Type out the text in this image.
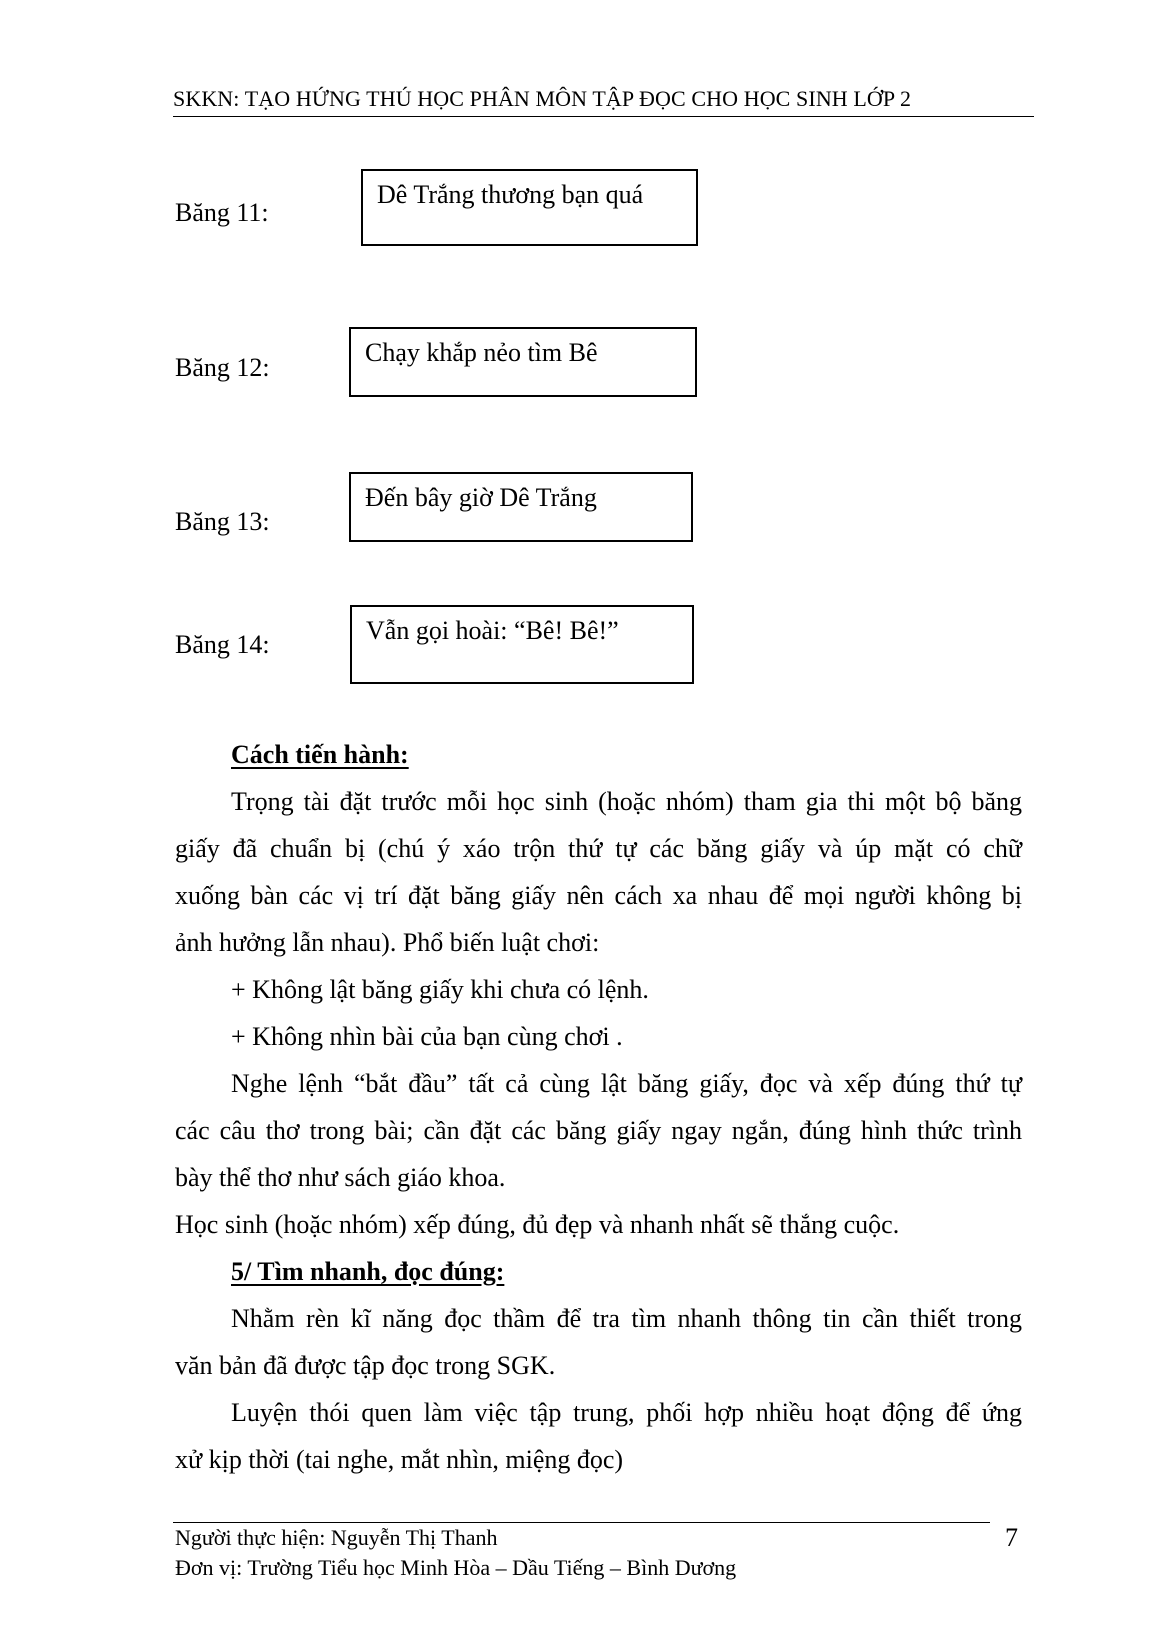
SKKN: TẠO HỨNG THÚ HỌC PHÂN MÔN TẬP ĐỌC CHO HỌC SINH LỚP 2
Băng 11:
Dê Trắng thương bạn quá
Băng 12:
Chạy khắp nẻo tìm Bê
Băng 13:
Đến bây giờ Dê Trắng
Băng 14:	Vẫn gọi hoài: “Bê! Bê!”
Cách tiến hành:
Trọng tài đặt trước mỗi học sinh (hoặc nhóm) tham gia thi một bộ băng
giấy đã chuẩn bị (chú ý xáo trộn thứ tự các băng giấy và úp mặt có chữ
xuống bàn các vị trí đặt băng giấy nên cách xa nhau để mọi người không bị
ảnh hưởng lẫn nhau). Phổ biến luật chơi:
+ Không lật băng giấy khi chưa có lệnh.
+ Không nhìn bài của bạn cùng chơi .
Nghe lệnh “bắt đầu” tất cả cùng lật băng giấy, đọc và xếp đúng thứ tự
các câu thơ trong bài; cần đặt các băng giấy ngay ngắn, đúng hình thức trình
bày thể thơ như sách giáo khoa.
Học sinh (hoặc nhóm) xếp đúng, đủ đẹp và nhanh nhất sẽ thắng cuộc.
5/ Tìm nhanh, đọc đúng:
Nhằm rèn kĩ năng đọc thầm để tra tìm nhanh thông tin cần thiết trong
văn bản đã được tập đọc trong SGK.
Luyện thói quen làm việc tập trung, phối hợp nhiều hoạt động để ứng
xử kịp thời (tai nghe, mắt nhìn, miệng đọc)
Người thực hiện: Nguyễn Thị Thanh
Đơn vị: Trường Tiểu học Minh Hòa – Dầu Tiếng – Bình Dương
7
